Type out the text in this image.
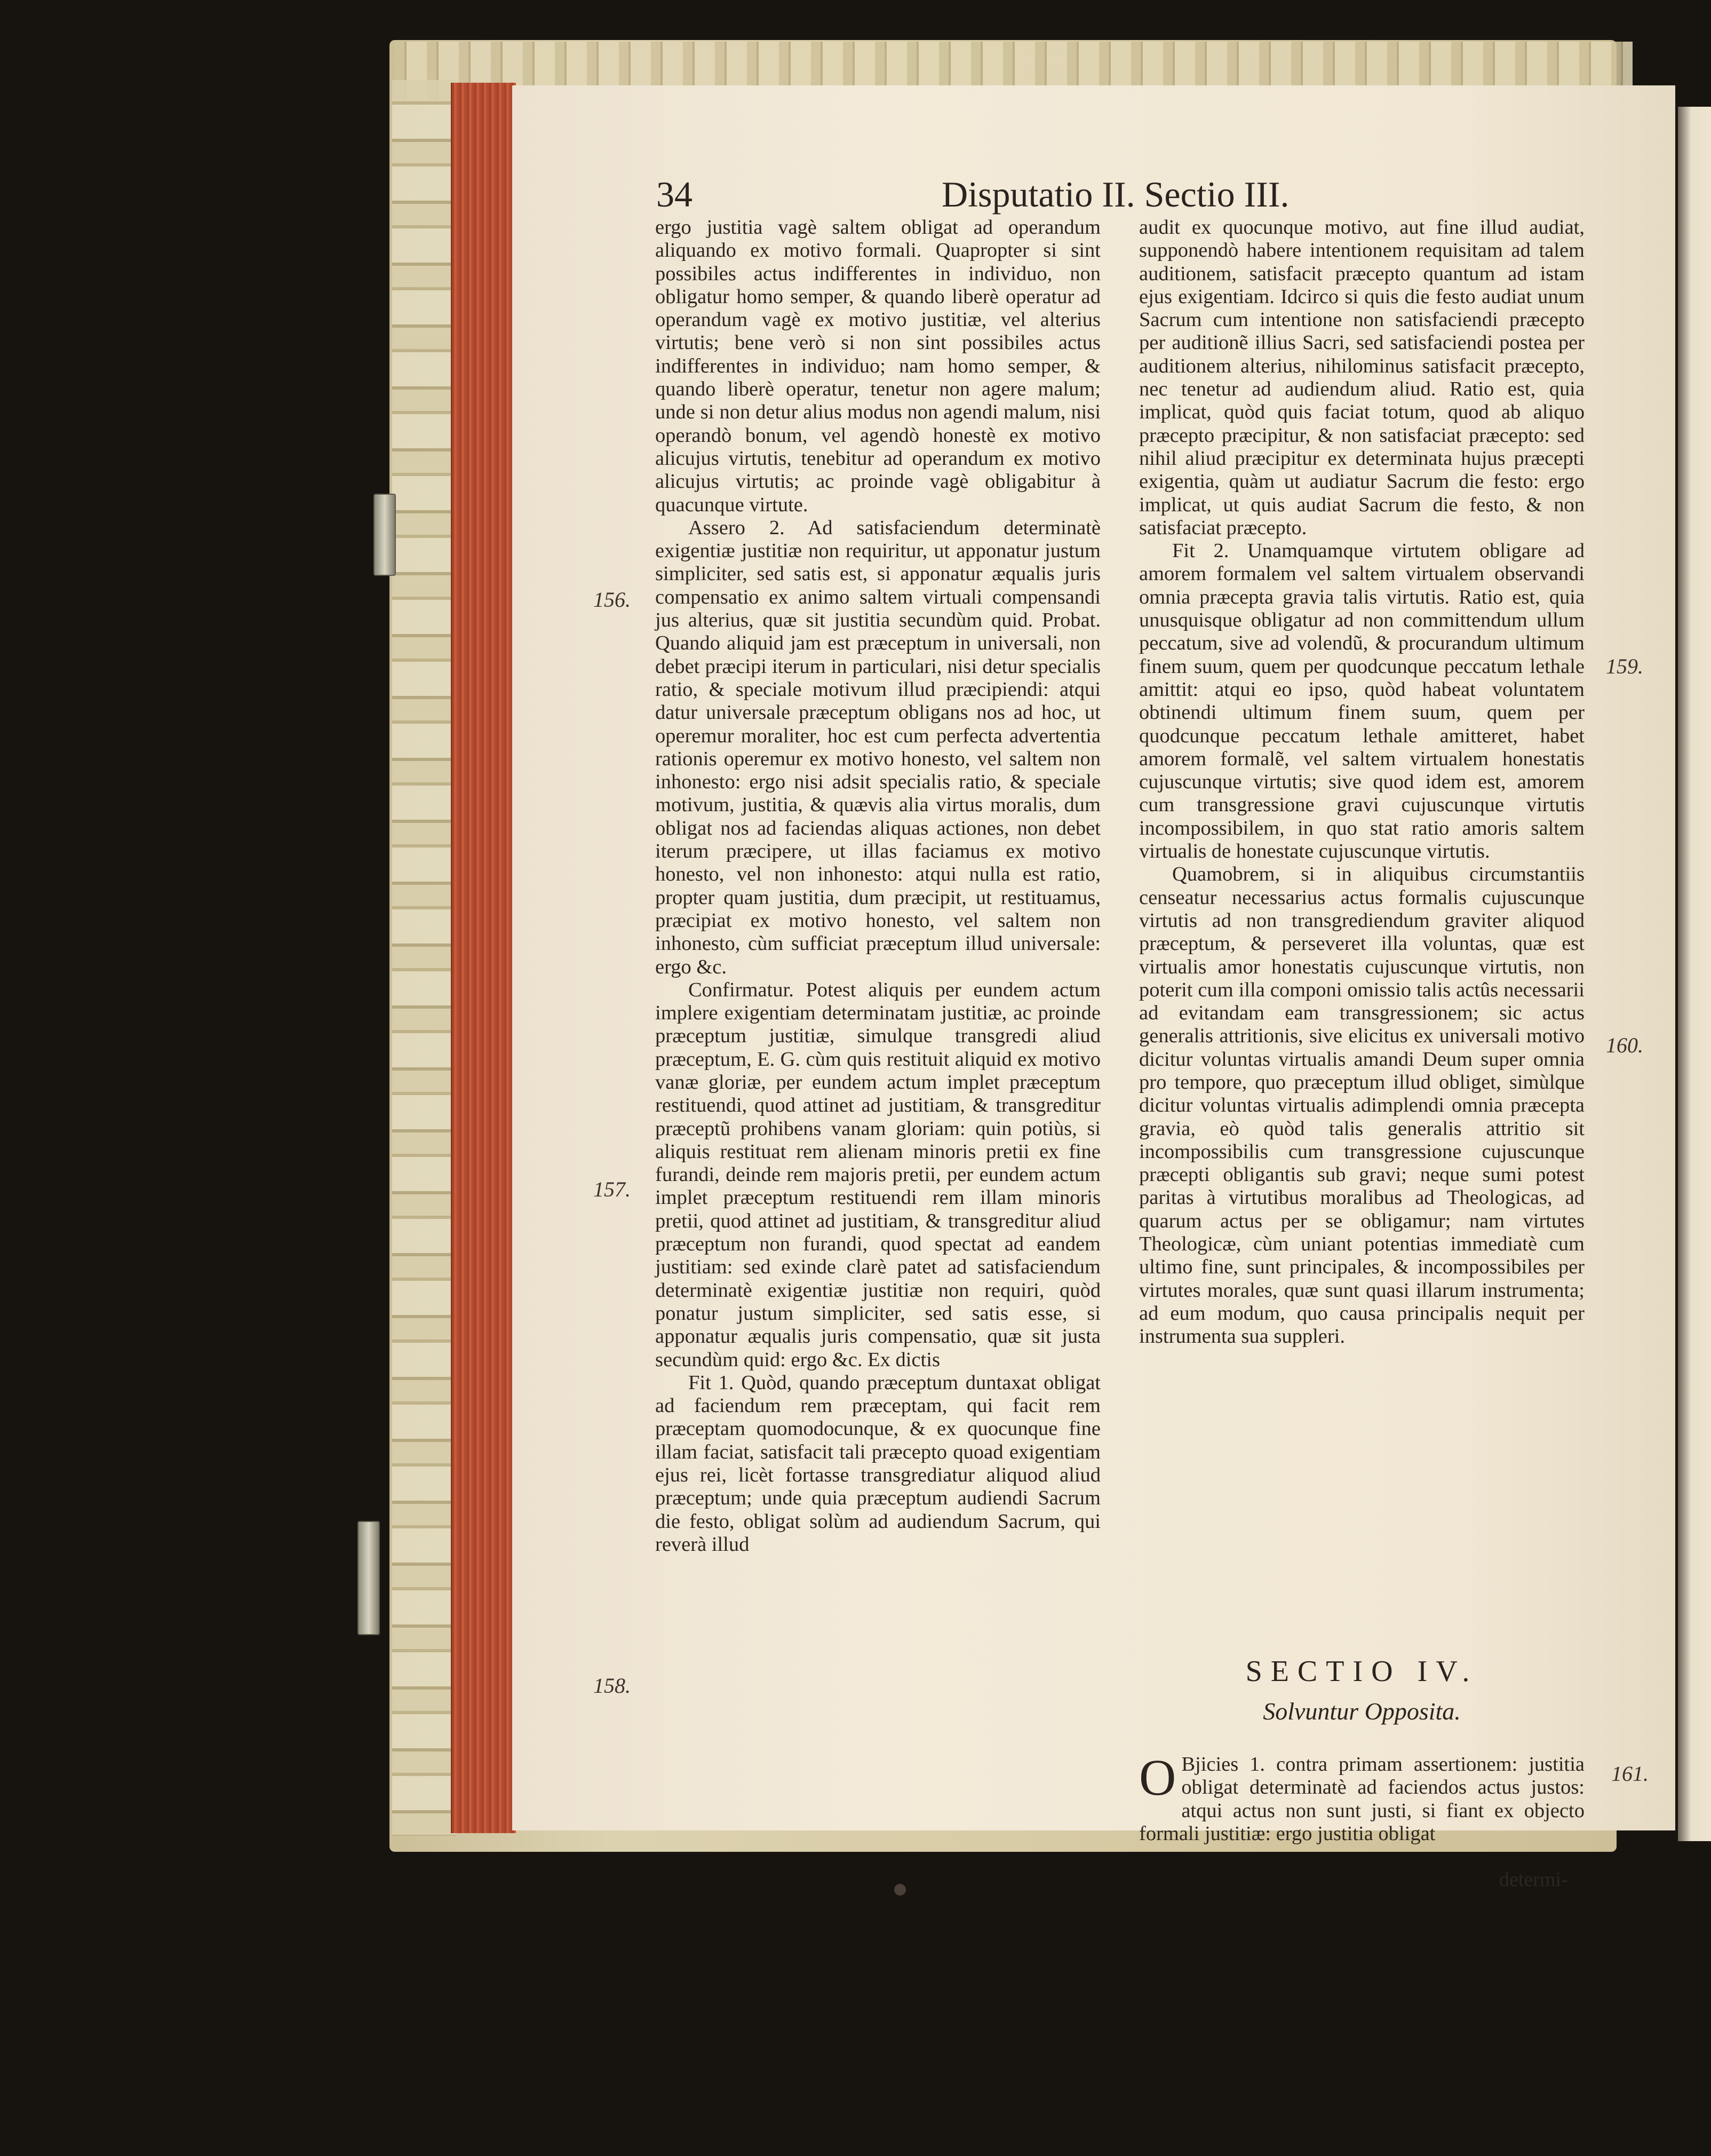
34	Disputatio II. Sectio III.
156.
157.
158.
159.
160.
161.

ergo justitia vagè saltem obligat ad operandum aliquando ex motivo formali. Quapropter si sint possibiles actus indifferentes in individuo, non obligatur homo semper, & quando liberè operatur ad operandum vagè ex motivo justitiæ, vel alterius virtutis; bene verò si non sint possibiles actus indifferentes in individuo; nam homo semper, & quando liberè operatur, tenetur non agere malum; unde si non detur alius modus non agendi malum, nisi operandò bonum, vel agendò honestè ex motivo alicujus virtutis, tenebitur ad operandum ex motivo alicujus virtutis; ac proinde vagè obligabitur à quacunque virtute.

Assero 2. Ad satisfaciendum determinatè exigentiæ justitiæ non requiritur, ut apponatur justum simpliciter, sed satis est, si apponatur æqualis juris compensatio ex animo saltem virtuali compensandi jus alterius, quæ sit justitia secundùm quid. Probat. Quando aliquid jam est præceptum in universali, non debet præcipi iterum in particulari, nisi detur specialis ratio, & speciale motivum illud præcipiendi: atqui datur universale præceptum obligans nos ad hoc, ut operemur moraliter, hoc est cum perfecta advertentia rationis operemur ex motivo honesto, vel saltem non inhonesto: ergo nisi adsit specialis ratio, & speciale motivum, justitia, & quævis alia virtus moralis, dum obligat nos ad faciendas aliquas actiones, non debet iterum præcipere, ut illas faciamus ex motivo honesto, vel non inhonesto: atqui nulla est ratio, propter quam justitia, dum præcipit, ut restituamus, præcipiat ex motivo honesto, vel saltem non inhonesto, cùm sufficiat præceptum illud universale: ergo &c.

Confirmatur. Potest aliquis per eundem actum implere exigentiam determinatam justitiæ, ac proinde præceptum justitiæ, simulque transgredi aliud præceptum, E. G. cùm quis restituit aliquid ex motivo vanæ gloriæ, per eundem actum implet præceptum restituendi, quod attinet ad justitiam, & transgreditur præceptũ prohibens vanam gloriam: quin potiùs, si aliquis restituat rem alienam minoris pretii ex fine furandi, deinde rem majoris pretii, per eundem actum implet præceptum restituendi rem illam minoris pretii, quod attinet ad justitiam, & transgreditur aliud præceptum non furandi, quod spectat ad eandem justitiam: sed exinde clarè patet ad satisfaciendum determinatè exigentiæ justitiæ non requiri, quòd ponatur justum simpliciter, sed satis esse, si apponatur æqualis juris compensatio, quæ sit justa secundùm quid: ergo &c. Ex dictis

Fit 1. Quòd, quando præceptum duntaxat obligat ad faciendum rem præceptam, qui facit rem præceptam quomodocunque, & ex quocunque fine illam faciat, satisfacit tali præcepto quoad exigentiam ejus rei, licèt fortasse transgrediatur aliquod aliud præceptum; unde quia præceptum audiendi Sacrum die festo, obligat solùm ad audiendum Sacrum, qui reverà illud

audit ex quocunque motivo, aut fine illud audiat, supponendò habere intentionem requisitam ad talem auditionem, satisfacit præcepto quantum ad istam ejus exigentiam. Idcirco si quis die festo audiat unum Sacrum cum intentione non satisfaciendi præcepto per auditionẽ illius Sacri, sed satisfaciendi postea per auditionem alterius, nihilominus satisfacit præcepto, nec tenetur ad audiendum aliud. Ratio est, quia implicat, quòd quis faciat totum, quod ab aliquo præcepto præcipitur, & non satisfaciat præcepto: sed nihil aliud præcipitur ex determinata hujus præcepti exigentia, quàm ut audiatur Sacrum die festo: ergo implicat, ut quis audiat Sacrum die festo, & non satisfaciat præcepto.

Fit 2. Unamquamque virtutem obligare ad amorem formalem vel saltem virtualem observandi omnia præcepta gravia talis virtutis. Ratio est, quia unusquisque obligatur ad non committendum ullum peccatum, sive ad volendũ, & procurandum ultimum finem suum, quem per quodcunque peccatum lethale amittit: atqui eo ipso, quòd habeat voluntatem obtinendi ultimum finem suum, quem per quodcunque peccatum lethale amitteret, habet amorem formalẽ, vel saltem virtualem honestatis cujuscunque virtutis; sive quod idem est, amorem cum transgressione gravi cujuscunque virtutis incompossibilem, in quo stat ratio amoris saltem virtualis de honestate cujuscunque virtutis.

Quamobrem, si in aliquibus circumstantiis censeatur necessarius actus formalis cujuscunque virtutis ad non transgrediendum graviter aliquod præceptum, & perseveret illa voluntas, quæ est virtualis amor honestatis cujuscunque virtutis, non poterit cum illa componi omissio talis actûs necessarii ad evitandam eam transgressionem; sic actus generalis attritionis, sive elicitus ex universali motivo dicitur voluntas virtualis amandi Deum super omnia pro tempore, quo præceptum illud obliget, simùlque dicitur voluntas virtualis adimplendi omnia præcepta gravia, eò quòd talis generalis attritio sit incompossibilis cum transgressione cujuscunque præcepti obligantis sub gravi; neque sumi potest paritas à virtutibus moralibus ad Theologicas, ad quarum actus per se obligamur; nam virtutes Theologicæ, cùm uniant potentias immediatè cum ultimo fine, sunt principales, & incompossibiles per virtutes morales, quæ sunt quasi illarum instrumenta; ad eum modum, quo causa principalis nequit per instrumenta sua suppleri.

SECTIO IV.
Solvuntur Opposita.
O Bjicies 1. contra primam assertionem: justitia obligat determinatè ad faciendos actus justos: atqui actus non sunt justi, si fiant ex objecto formali justitiæ: ergo justitia obligat
determi-
